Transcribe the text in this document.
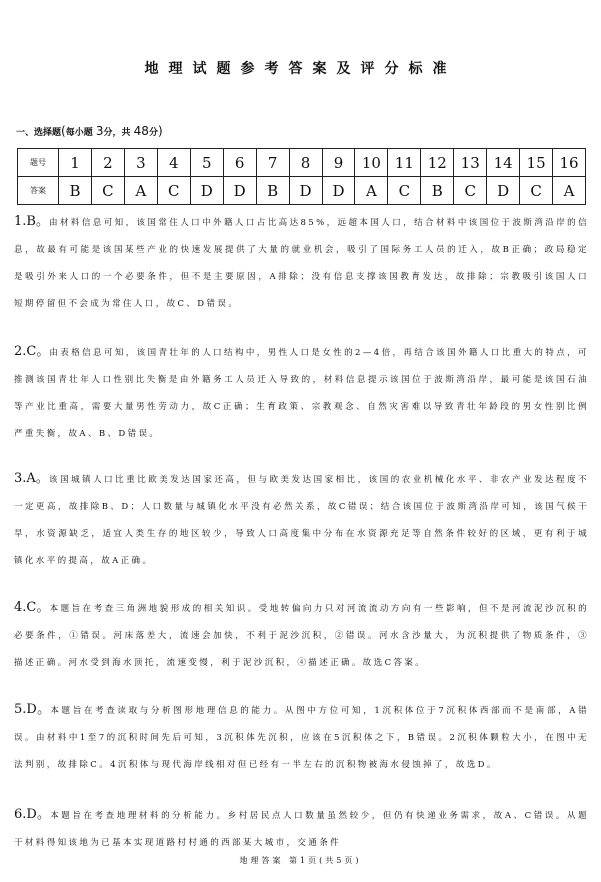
地理试题参考答案及评分标准
一、选择题(每小题 3分，共 48分)
题号	1	2	3	4	5	6	7	8	9	10	11	12	13	14	15	16
答案	B	C	A	C	D	D	B	D	D	A	C	B	C	D	C	A
1.B。由材料信息可知，该国常住人口中外籍人口占比高达85%，远超本国人口，结合材料中该国位于波斯湾沿岸的信息，故最有可能是该国某些产业的快速发展提供了大量的就业机会，吸引了国际务工人员的迁入，故B正确；政局稳定是吸引外来人口的一个必要条件，但不是主要原因，A排除；没有信息支撑该国教育发达，故排除；宗教吸引该国人口短期停留但不会成为常住人口，故C、D错误。
2.C。由表格信息可知，该国青壮年的人口结构中，男性人口是女性的2—4倍，再结合该国外籍人口比重大的特点，可推测该国青壮年人口性别比失衡是由外籍务工人员迁入导致的，材料信息提示该国位于波斯湾沿岸，最可能是该国石油等产业比重高，需要大量男性劳动力，故C正确；生育政策、宗教观念、自然灾害难以导致青壮年龄段的男女性别比例严重失衡，故A、B、D错误。
3.A。该国城镇人口比重比欧美发达国家还高，但与欧美发达国家相比，该国的农业机械化水平、非农产业发达程度不一定更高，故排除B、D；人口数量与城镇化水平没有必然关系，故C错误；结合该国位于波斯湾沿岸可知，该国气候干旱，水资源缺乏，适宜人类生存的地区较少，导致人口高度集中分布在水资源充足等自然条件较好的区域，更有利于城镇化水平的提高，故A正确。
4.C。本题旨在考查三角洲地貌形成的相关知识。受地转偏向力只对河流流动方向有一些影响，但不是河流泥沙沉积的必要条件，①错误。河床落差大，流速会加快，不利于泥沙沉积，②错误。河水含沙量大，为沉积提供了物质条件，③描述正确。河水受到海水顶托，流速变慢，利于泥沙沉积，④描述正确。故选C答案。
5.D。本题旨在考查读取与分析图形地理信息的能力。从图中方位可知，1沉积体位于7沉积体西部而不是南部，A错误。由材料中1至7的沉积时间先后可知，3沉积体先沉积，应该在5沉积体之下，B错误。2沉积体颗粒大小，在图中无法判别，故排除C。4沉积体与现代海岸线相对但已经有一半左右的沉积物被海水侵蚀掉了，故选D。
6.D。本题旨在考查地理材料的分析能力。乡村居民点人口数量虽然较少，但仍有快递业务需求，故A、C错误。从题干材料得知该地为已基本实现道路村村通的西部某大城市，交通条件
地理答案 第1页(共5页)
